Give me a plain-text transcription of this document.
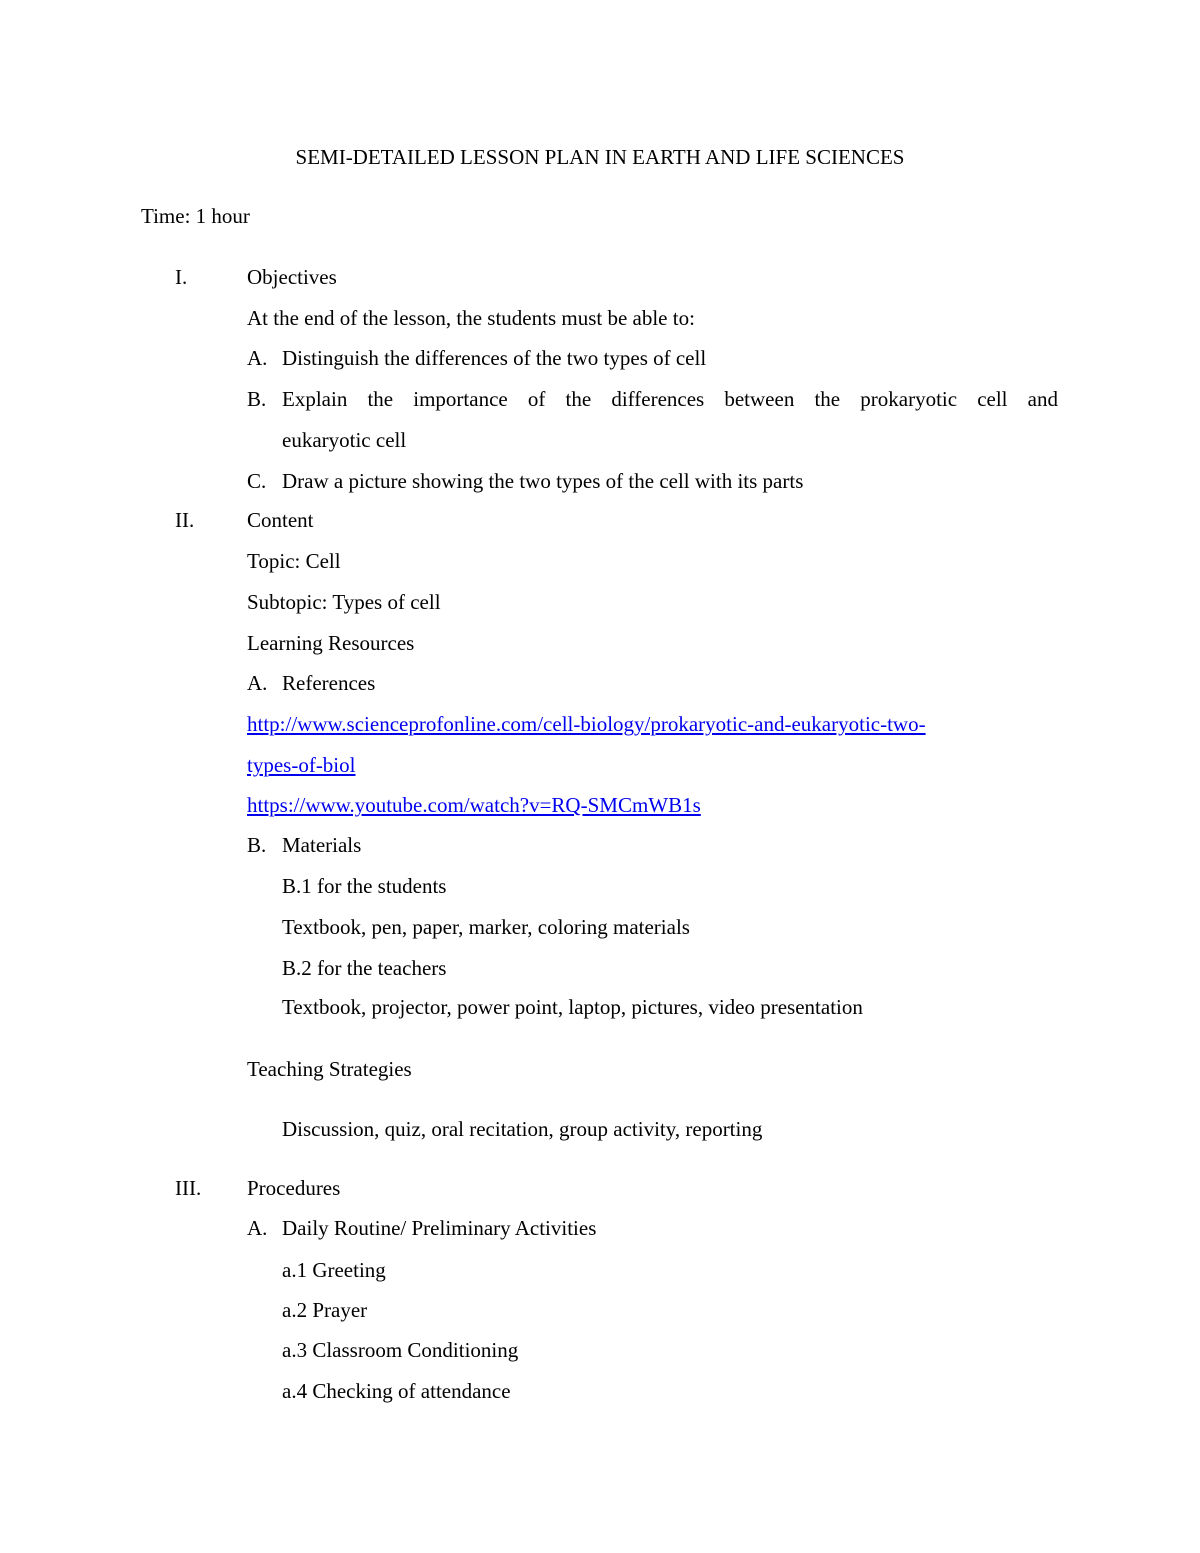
SEMI-DETAILED LESSON PLAN IN EARTH AND LIFE SCIENCES
Time: 1 hour
I.	Objectives
At the end of the lesson, the students must be able to:
A. Distinguish the differences of the two types of cell
B. Explain the importance of the differences between the prokaryotic cell and
eukaryotic cell
C. Draw a picture showing the two types of the cell with its parts
II.	Content
Topic: Cell
Subtopic: Types of cell
Learning Resources
A. References
http://www.scienceprofonline.com/cell-biology/prokaryotic-and-eukaryotic-two-
types-of-biol
https://www.youtube.com/watch?v=RQ-SMCmWB1s
B. Materials
B.1 for the students
Textbook, pen, paper, marker, coloring materials
B.2 for the teachers
Textbook, projector, power point, laptop, pictures, video presentation
Teaching Strategies
Discussion, quiz, oral recitation, group activity, reporting
III. Procedures
A. Daily Routine/ Preliminary Activities
a.1 Greeting
a.2 Prayer
a.3 Classroom Conditioning
a.4 Checking of attendance
